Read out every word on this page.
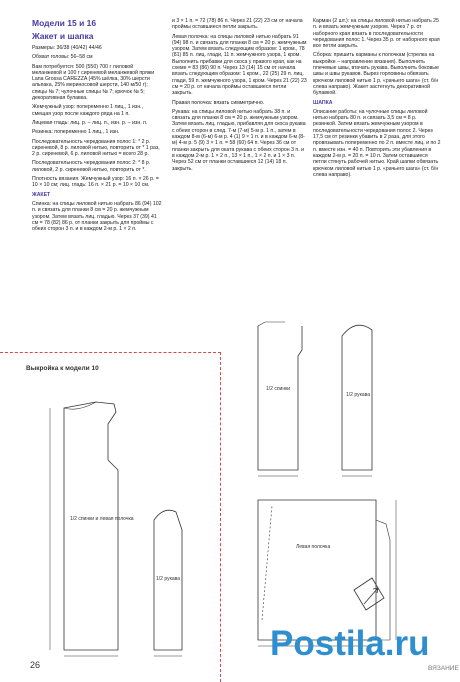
Модели 15 и 16

Жакет и шапка

Размеры: 36/38 (40/42) 44/46

Обхват головы: 56–58 см

Вам потребуется: 500 (550) 700 г лиловой меланжевой и 100 г сиреневой меланжевой пряжи Lana Grossa CAREZZA (45% шёлка, 30% шерсти альпака, 25% мериносовой шерсти, 140 м/50 г); спицы № 7; чулочные спицы № 7; крючок № 5; декоративная булавка.

Жемчужный узор: попеременно 1 лиц., 1 изн., смещая узор после каждого ряда на 1 п.

Лицевая гладь: лиц. р. – лиц. п., изн. р. – изн. п.

Резинка: попеременно 1 лиц., 1 изн.

Последовательность чередования полос 1: * 2 р. сиреневой, 8 р. лиловой нитью, повторить от * 1 раз, 2 р. сиреневой, 6 р. лиловой нитью = всего 28 р.

Последовательность чередования полос 2: * 8 р. лиловой, 2 р. сиреневой нитью, повторить от *.

Плотность вязания. Жемчужный узор: 16 п. × 26 р. = 10 × 10 см; лиц. гладь: 16 п. × 21 р. = 10 × 10 см.

ЖАКЕТ

Спинка: на спицы лиловой нитью набрать 86 (94) 102 п. и связать для планки 8 см = 20 р. жемчужным узором. Затем вязать лиц. гладью. Через 37 (39) 41 см = 78 (82) 86 р. от планки закрыть для проймы с обеих сторон 3 п. и в каждом 2-м р. 1 × 2 п.

и 3 × 1 п. = 72 (78) 86 п. Через 21 (22) 23 см от начала проймы оставшиеся петли закрыть.

Левая полочка: на спицы лиловой нитью набрать 91 (94) 98 п. и связать для планки 8 см = 20 р. жемчужным узором. Затем вязать следующим образом: 1 кром., 78 (81) 85 п. лиц. глади, 11 п. жемчужного узора, 1 кром. Выполнить прибавки для скоса у правого края, как на схеме = 83 (86) 90 п. Через 13 (14) 15 см от начала вязать следующим образом: 1 кром., 22 (25) 29 п. лиц. глади, 59 п. жемчужного узора, 1 кром. Через 21 (22) 23 см = 20 р. от начала проймы оставшиеся петли закрыть.

Правая полочка: вязать симметрично.

Рукава: на спицы лиловой нитью набрать 38 п. и связать для планки 8 см = 20 р. жемчужным узором. Затем вязать лиц. гладью, прибавляя для скоса рукава с обеих сторон в след. 7-м (7-м) 5-м р. 1 п., затем в каждом 8-м (6-м) 6-м р. 4 (1) 9 × 1 п. и в каждом 6-м (8-м) 4-м р. 5 (9) 3 × 1 п. = 58 (60) 64 п. Через 36 см от планки закрыть для оката рукава с обеих сторон 3 п. и в каждом 2-м р. 1 × 2 п., 13 × 1 п., 1 × 2 п. и 1 × 3 п. Через 52 см от планки оставшиеся 12 (14) 18 п. закрыть.

Карман (2 шт.): на спицы лиловой нитью набрать 25 п. и вязать жемчужным узором. Через 7 р. от наборного края вязать в последовательности чередования полос 1. Через 35 р. от наборного края все петли закрыть.

Сборка: пришить карманы к полочкам (стрелка на выкройке – направление вязания). Выполнить плечевые швы, втачать рукава. Выполнить боковые швы и швы рукавов. Вырез горловины обвязать крючком лиловой нитью 1 р. «рачьего шага» (ст. б/н слева направо). Жакет застегнуть декоративной булавкой.

ШАПКА

Описание работы: на чулочные спицы лиловой нитью набрать 80 п. и связать 3,5 см = 8 р. резинкой. Затем вязать жемчужным узором в последовательности чередования полос 2. Через 17,5 см от резинки убавить в 2 раза, для этого провязывать попеременно по 2 п. вместе лиц. и по 2 п. вместе изн. = 40 п. Повторить эти убавления в каждом 2-м р. = 20 п. = 10 п. Затем оставшиеся петли стянуть рабочей нитью. Край шапки обвязать крючком лиловой нитью 1 р. «рачьего шага» (ст. б/н слева направо).

Выкройка к модели 10
1/2 спинки
1/2 рукава
1/2 спинки и левая полочка
1/2 рукава
Левая полочка
26
Postila.ru
ВЯЗАНИЕ
